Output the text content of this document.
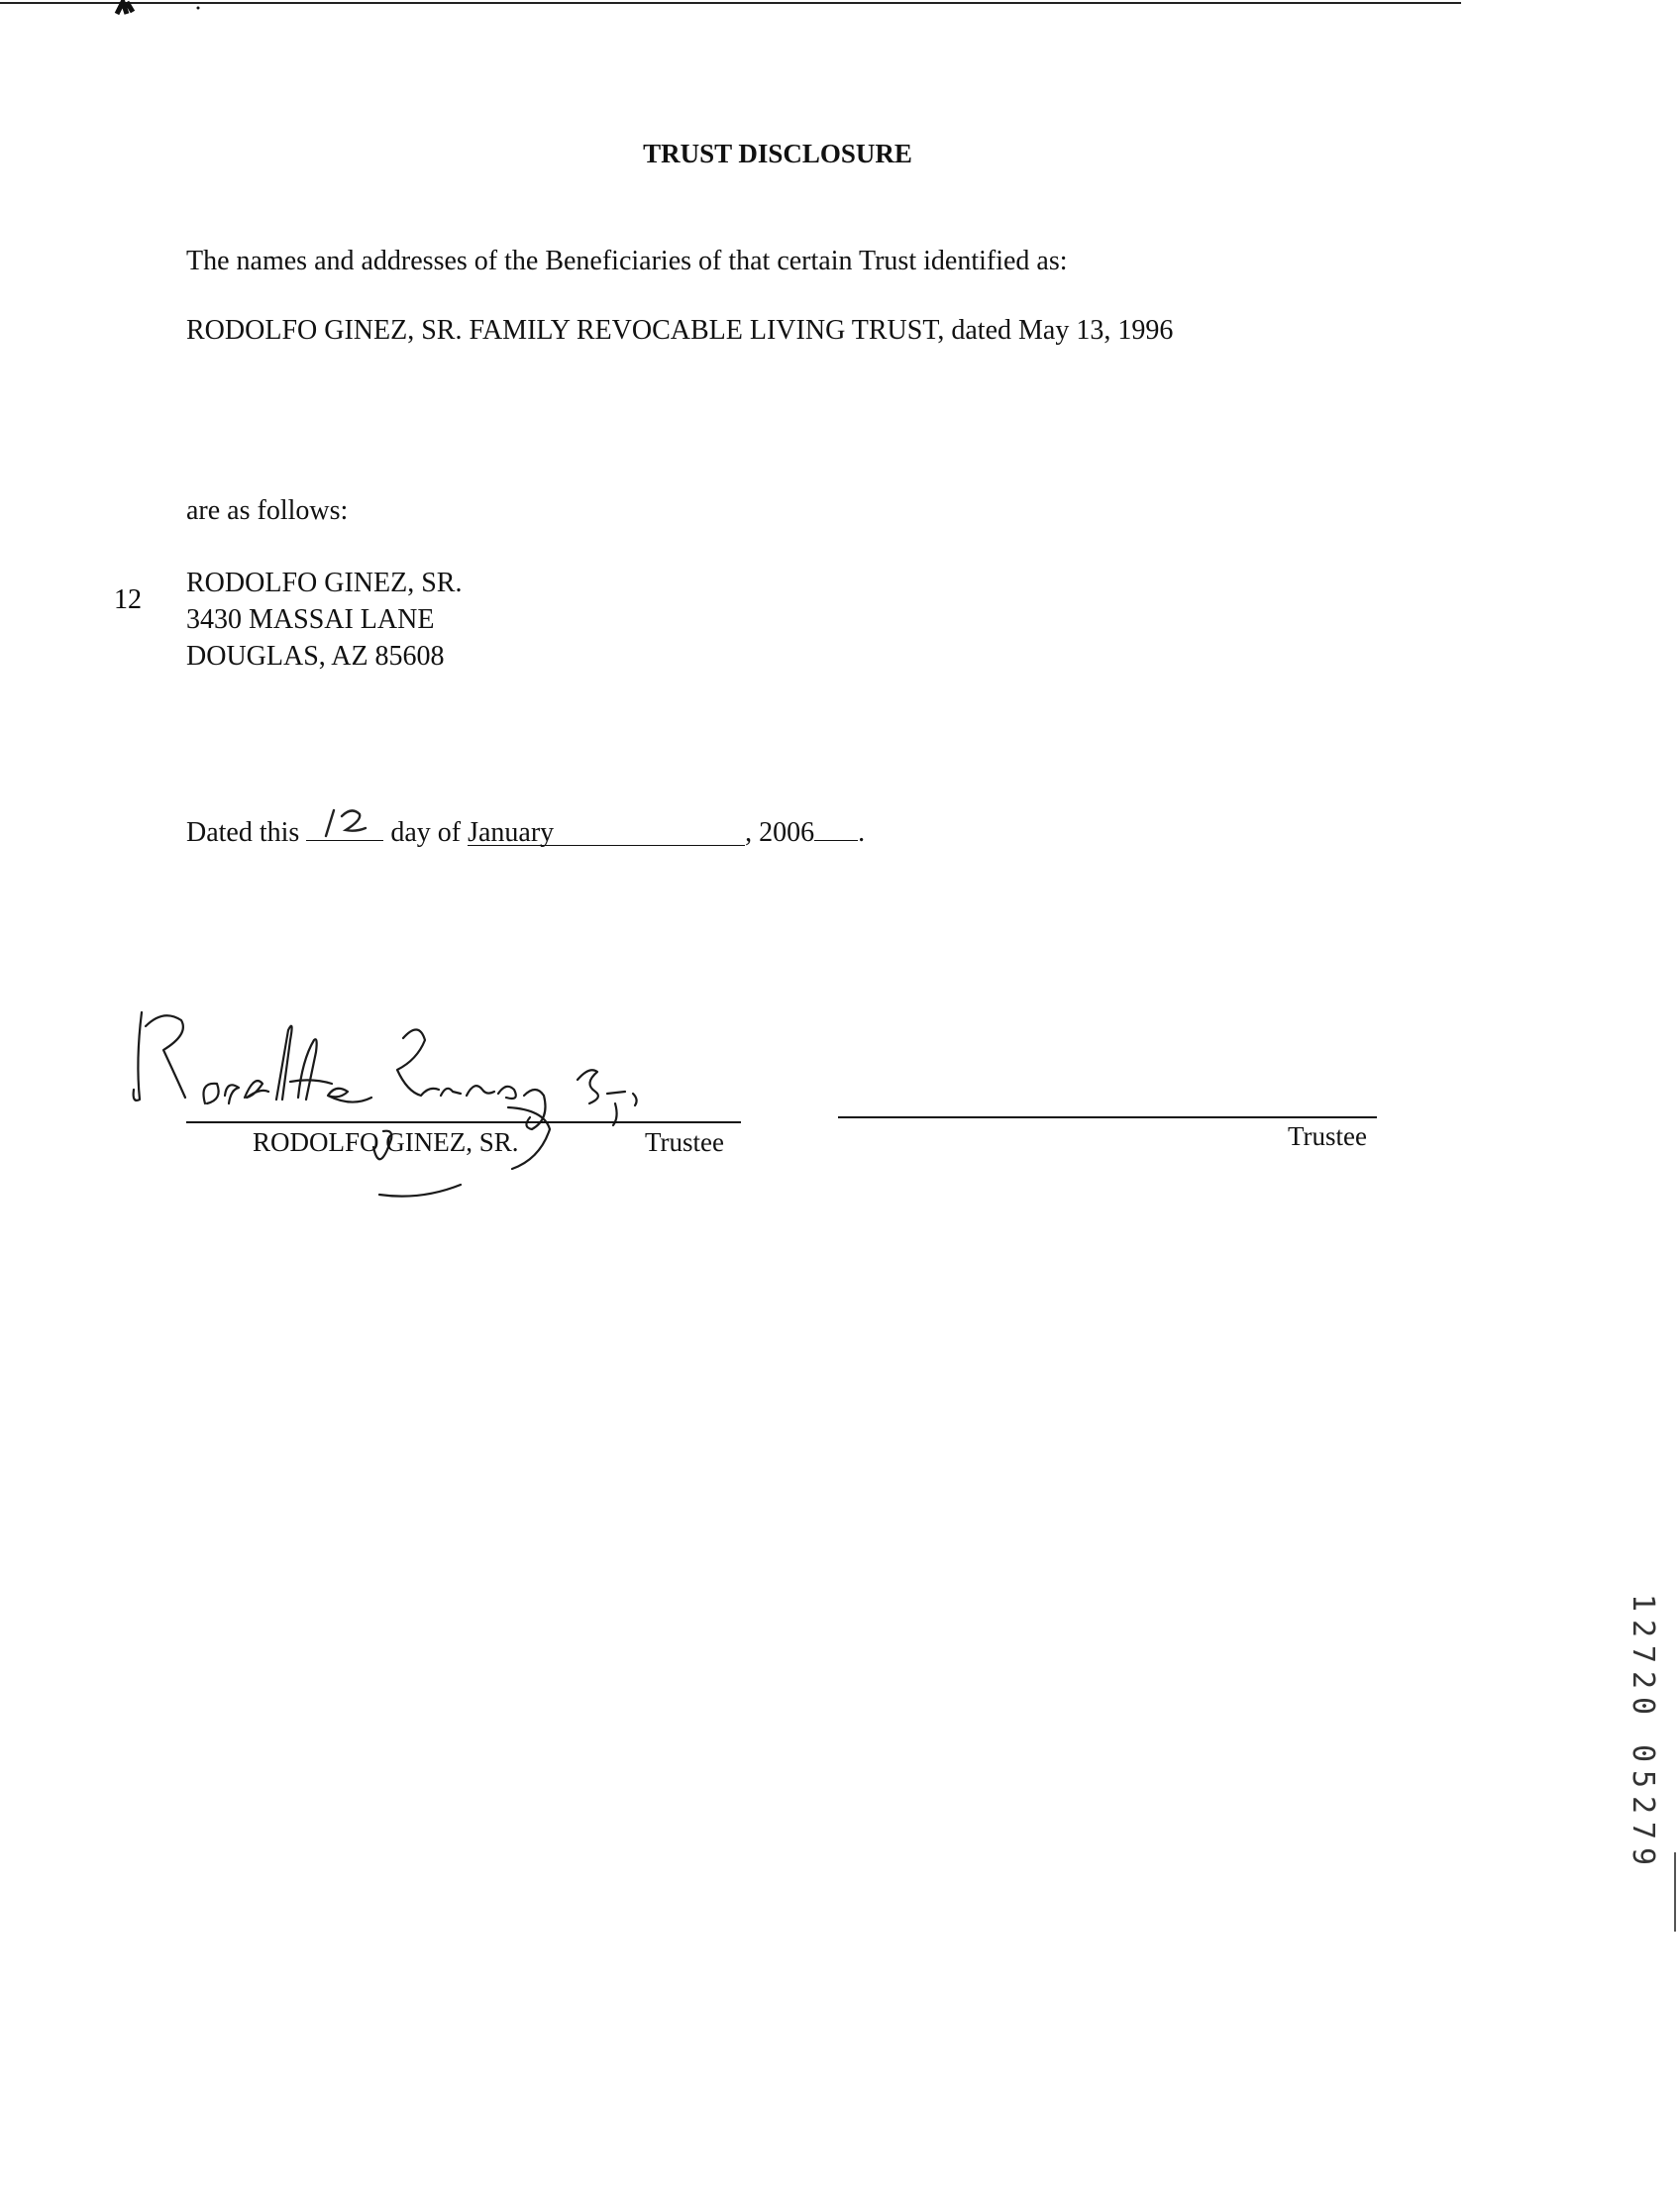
TRUST DISCLOSURE
The names and addresses of the Beneficiaries of that certain Trust identified as:
RODOLFO GINEZ, SR. FAMILY REVOCABLE LIVING TRUST, dated May 13, 1996
are as follows:
RODOLFO GINEZ, SR.
3430 MASSAI LANE
DOUGLAS, AZ 85608
Dated this
12
day of January	, 2006 .
RODOLFO GINEZ, SR.	Trustee	Trustee
1
2
7
2
0
0
5
2
7
9
